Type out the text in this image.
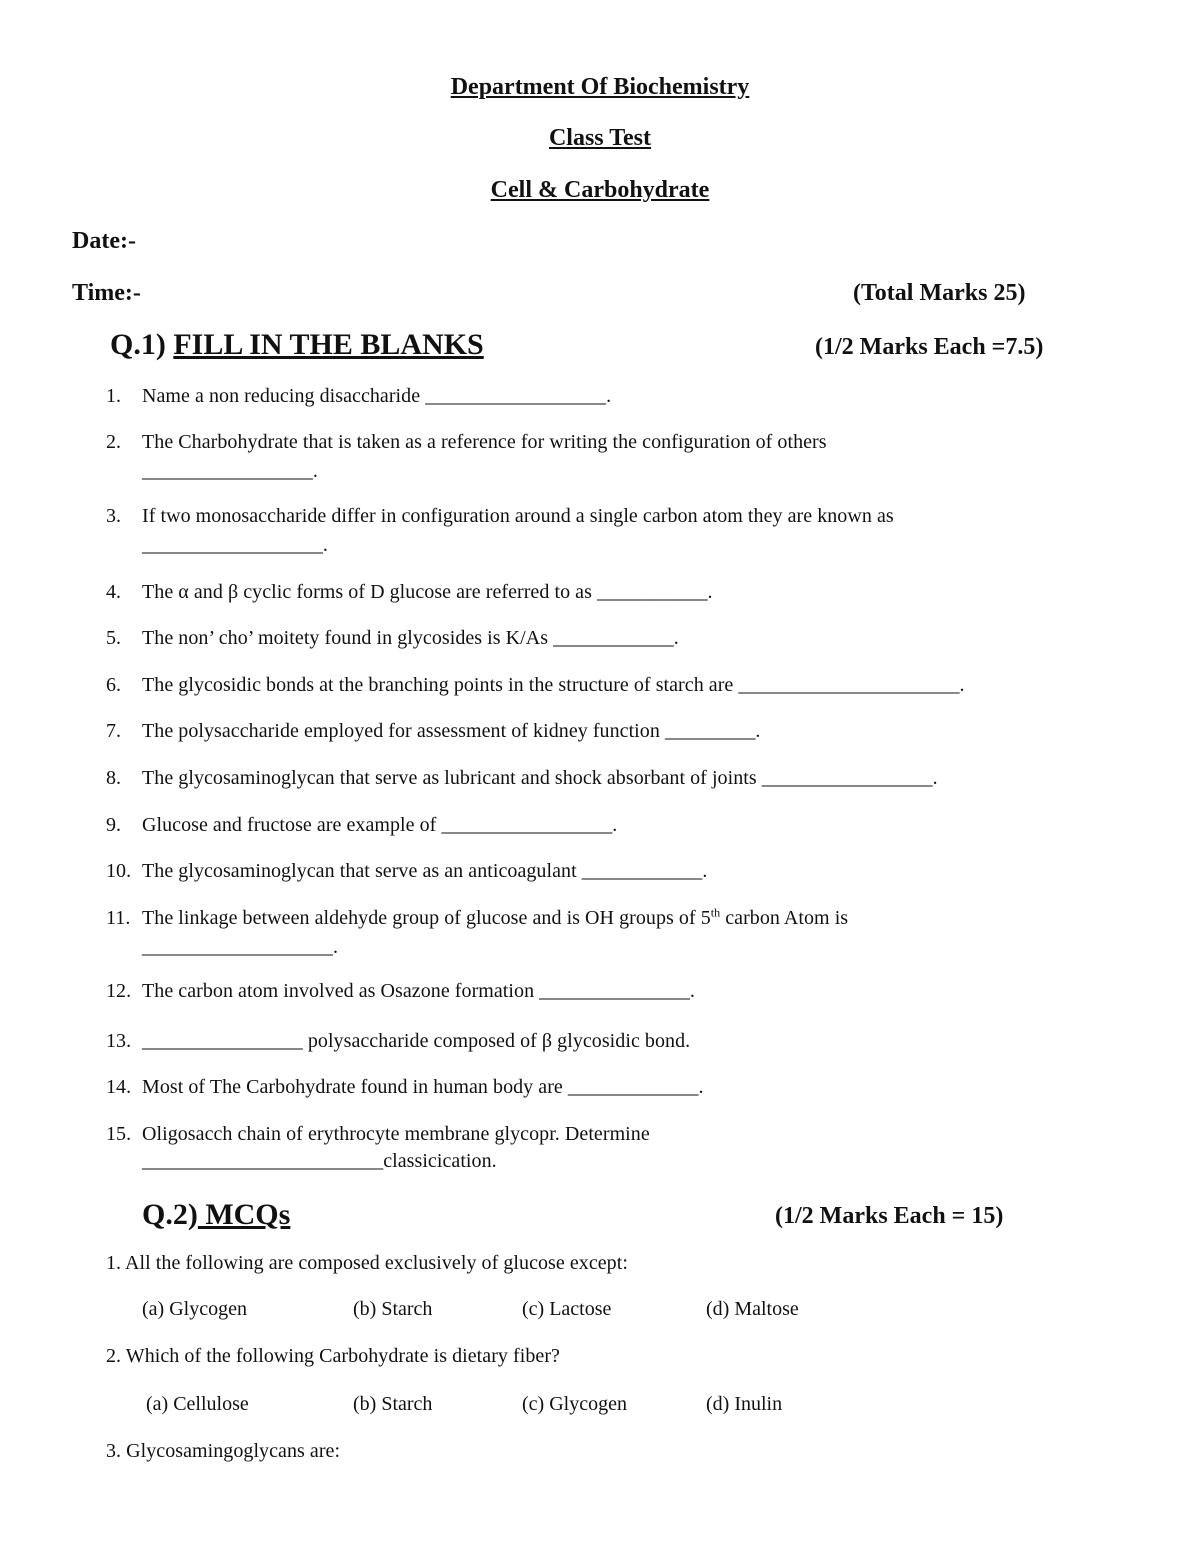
Department Of Biochemistry
Class Test
Cell & Carbohydrate
Date:-
Time:-	(Total Marks 25)
Q.1) FILL IN THE BLANKS	(1/2 Marks Each =7.5)
1. Name a non reducing disaccharide __________________.
2. The Charbohydrate that is taken as a reference for writing the configuration of others
_________________.
3. If two monosaccharide differ in configuration around a single carbon atom they are known as
__________________.
4. The α and β cyclic forms of D glucose are referred to as ___________.
5. The non’ cho’ moitety found in glycosides is K/As ____________.
6. The glycosidic bonds at the branching points in the structure of starch are ______________________.
7. The polysaccharide employed for assessment of kidney function _________.
8. The glycosaminoglycan that serve as lubricant and shock absorbant of joints _________________.
9. Glucose and fructose are example of _________________.
10. The glycosaminoglycan that serve as an anticoagulant ____________.
11. The linkage between aldehyde group of glucose and is OH groups of 5th carbon Atom is
___________________.
12. The carbon atom involved as Osazone formation _______________.
13. ________________ polysaccharide composed of β glycosidic bond.
14. Most of The Carbohydrate found in human body are _____________.
15. Oligosacch chain of erythrocyte membrane glycopr. Determine
________________________classicication.
Q.2) MCQs	(1/2 Marks Each = 15)
1. All the following are composed exclusively of glucose except:
(a) Glycogen	(b) Starch	(c) Lactose	(d) Maltose
2. Which of the following Carbohydrate is dietary fiber?
(a) Cellulose	(b) Starch	(c) Glycogen	(d) Inulin
3. Glycosamingoglycans are:
